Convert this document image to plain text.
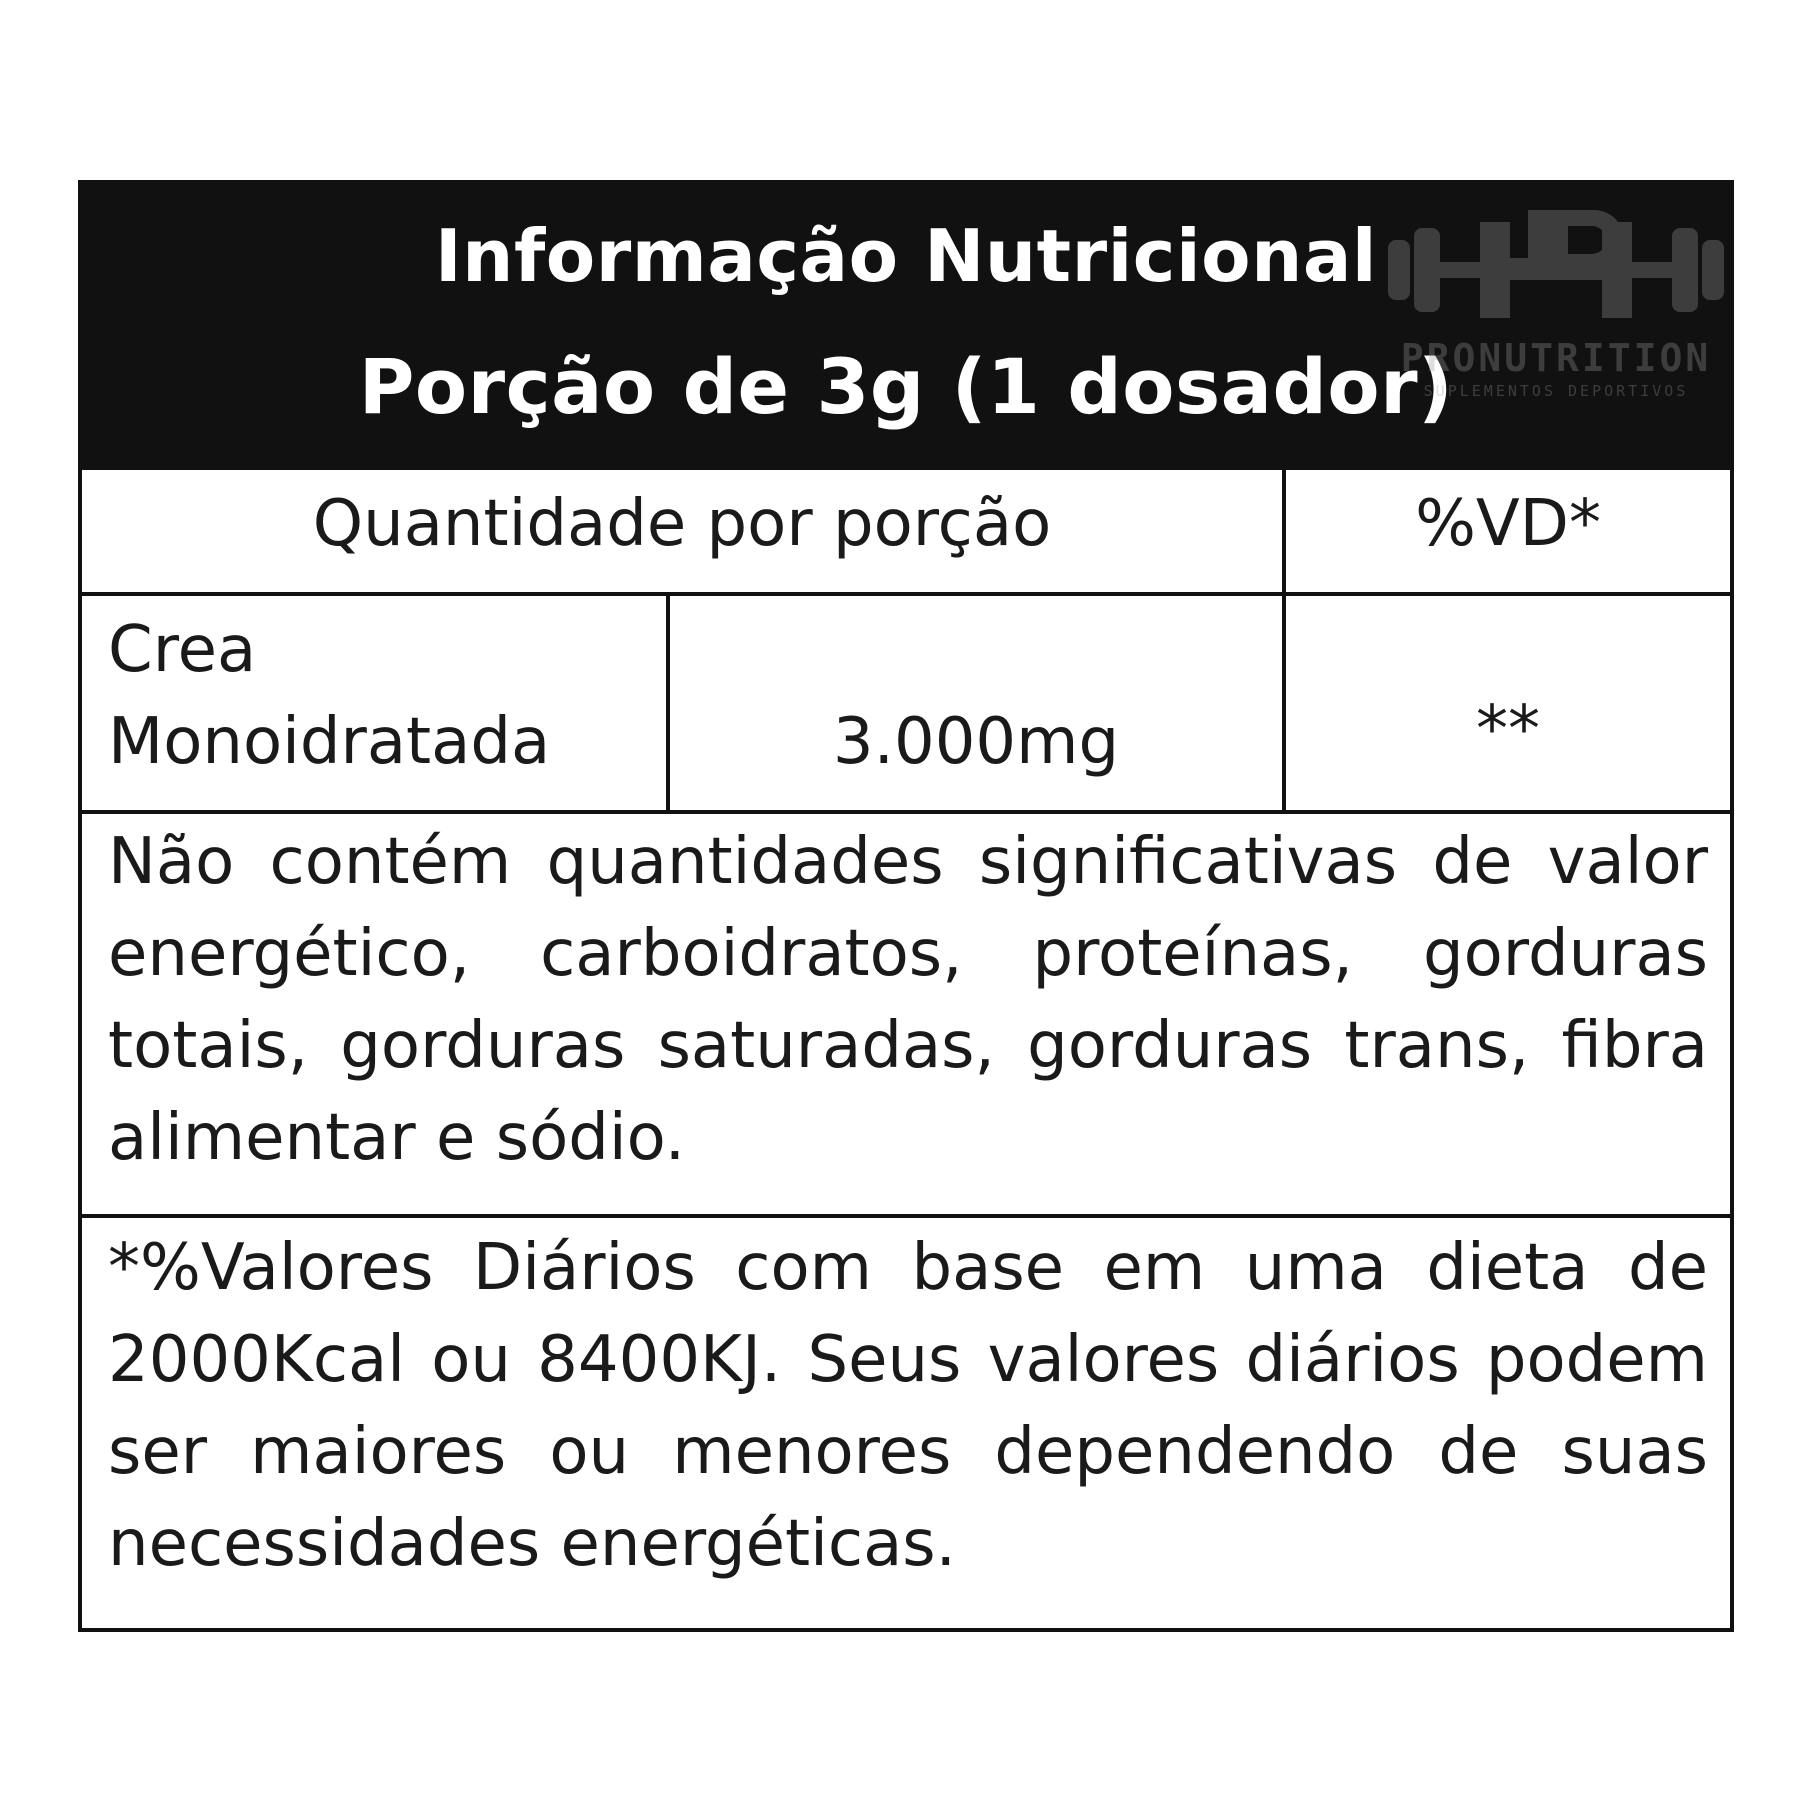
Informação Nutricional
Porção de 3g (1 dosador)
PRONUTRITION
SUPLEMENTOS DEPORTIVOS
Quantidade por porção	%VD*
Crea
Monoidratada	3.000mg	**
Não contém quantidades significativas de valor energético, carboidratos, proteínas, gorduras totais, gorduras saturadas, gorduras trans, fibra alimentar e sódio.
*%Valores Diários com base em uma dieta de 2000Kcal ou 8400KJ. Seus valores diários podem ser maiores ou menores dependendo de suas necessidades energéticas.
